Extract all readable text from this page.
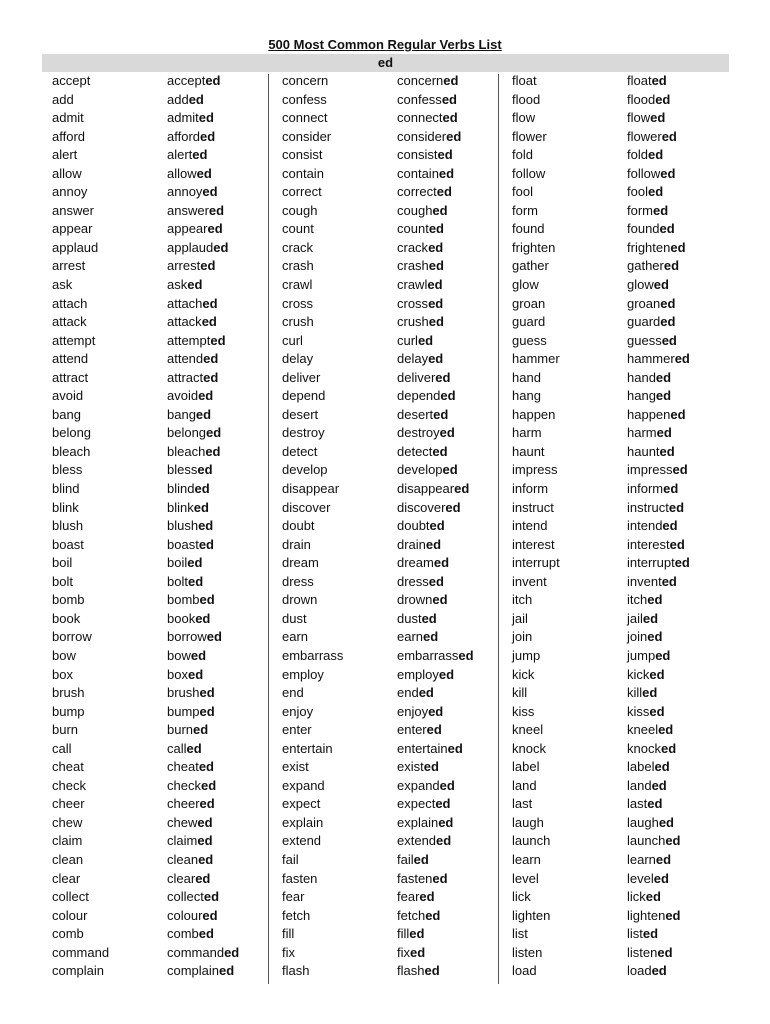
500 Most Common Regular Verbs List
ed
accept	accepted	concern	concerned	float	floated
add	added	confess	confessed	flood	flooded
admit	admited	connect	connected	flow	flowed
afford	afforded	consider	considered	flower	flowered
alert	alerted	consist	consisted	fold	folded
allow	allowed	contain	contained	follow	followed
annoy	annoyed	correct	corrected	fool	fooled
answer	answered	cough	coughed	form	formed
appear	appeared	count	counted	found	founded
applaud	applauded	crack	cracked	frighten	frightened
arrest	arrested	crash	crashed	gather	gathered
ask	asked	crawl	crawled	glow	glowed
attach	attached	cross	crossed	groan	groaned
attack	attacked	crush	crushed	guard	guarded
attempt	attempted	curl	curled	guess	guessed
attend	attended	delay	delayed	hammer	hammered
attract	attracted	deliver	delivered	hand	handed
avoid	avoided	depend	depended	hang	hanged
bang	banged	desert	deserted	happen	happened
belong	belonged	destroy	destroyed	harm	harmed
bleach	bleached	detect	detected	haunt	haunted
bless	blessed	develop	developed	impress	impressed
blind	blinded	disappear	disappeared	inform	informed
blink	blinked	discover	discovered	instruct	instructed
blush	blushed	doubt	doubted	intend	intended
boast	boasted	drain	drained	interest	interested
boil	boiled	dream	dreamed	interrupt	interrupted
bolt	bolted	dress	dressed	invent	invented
bomb	bombed	drown	drowned	itch	itched
book	booked	dust	dusted	jail	jailed
borrow	borrowed	earn	earned	join	joined
bow	bowed	embarrass	embarrassed	jump	jumped
box	boxed	employ	employed	kick	kicked
brush	brushed	end	ended	kill	killed
bump	bumped	enjoy	enjoyed	kiss	kissed
burn	burned	enter	entered	kneel	kneeled
call	called	entertain	entertained	knock	knocked
cheat	cheated	exist	existed	label	labeled
check	checked	expand	expanded	land	landed
cheer	cheered	expect	expected	last	lasted
chew	chewed	explain	explained	laugh	laughed
claim	claimed	extend	extended	launch	launched
clean	cleaned	fail	failed	learn	learned
clear	cleared	fasten	fastened	level	leveled
collect	collected	fear	feared	lick	licked
colour	coloured	fetch	fetched	lighten	lightened
comb	combed	fill	filled	list	listed
command	commanded	fix	fixed	listen	listened
complain	complained	flash	flashed	load	loaded
